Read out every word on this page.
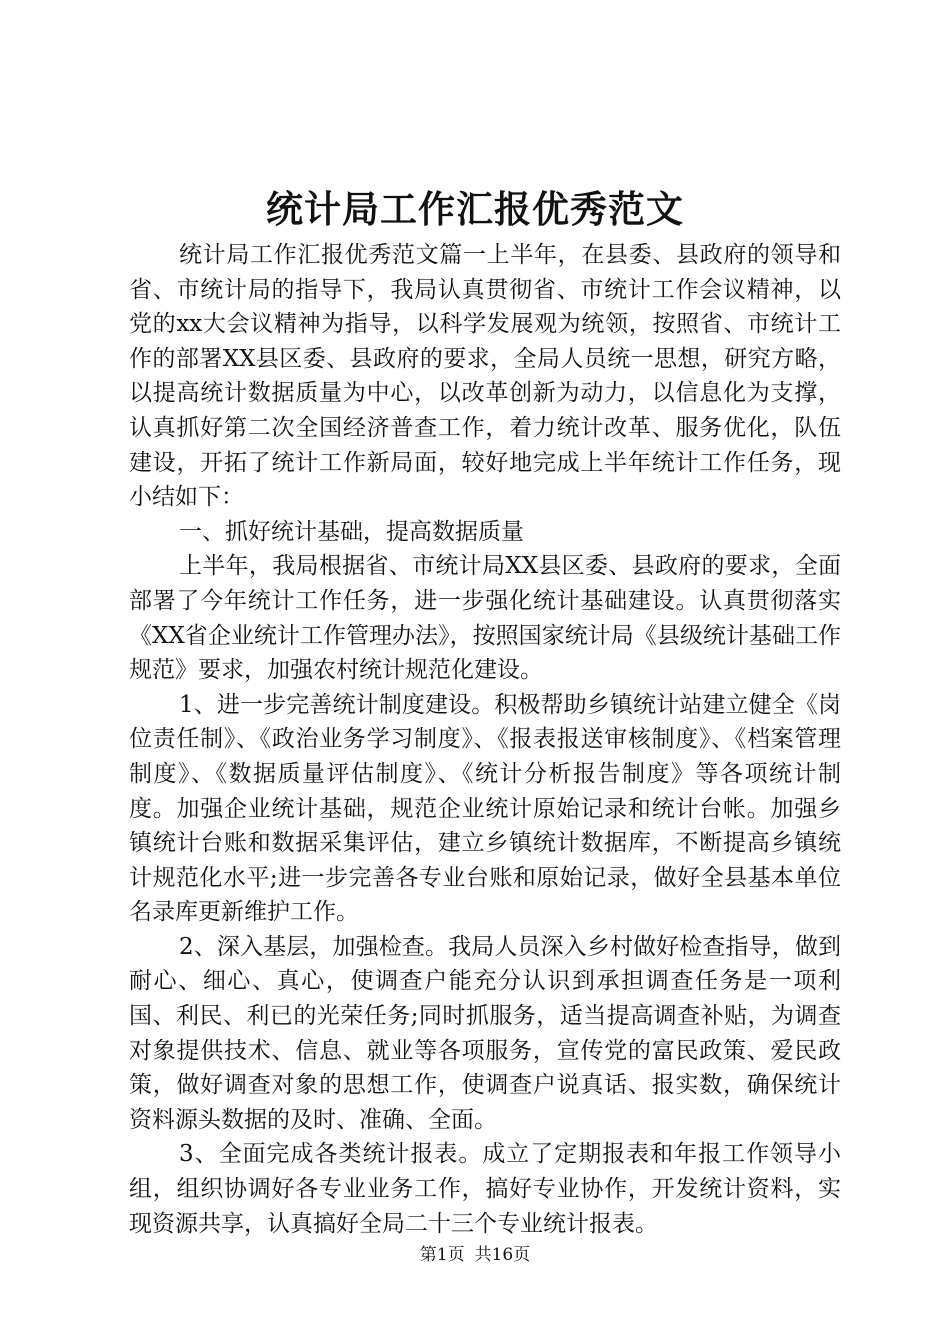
统计局工作汇报优秀范文

统计局工作汇报优秀范文篇一上半年，在县委、县政府的领导和省、市统计局的指导下，我局认真贯彻省、市统计工作会议精神，以党的xx大会议精神为指导，以科学发展观为统领，按照省、市统计工作的部署XX县区委、县政府的要求，全局人员统一思想，研究方略，以提高统计数据质量为中心，以改革创新为动力，以信息化为支撑，认真抓好第二次全国经济普查工作，着力统计改革、服务优化，队伍建设，开拓了统计工作新局面，较好地完成上半年统计工作任务，现小结如下：

一、抓好统计基础，提高数据质量

上半年，我局根据省、市统计局XX县区委、县政府的要求，全面部署了今年统计工作任务，进一步强化统计基础建设。认真贯彻落实《XX省企业统计工作管理办法》，按照国家统计局《县级统计基础工作规范》要求，加强农村统计规范化建设。

1、进一步完善统计制度建设。积极帮助乡镇统计站建立健全《岗位责任制》、《政治业务学习制度》、《报表报送审核制度》、《档案管理制度》、《数据质量评估制度》、《统计分析报告制度》等各项统计制度。加强企业统计基础，规范企业统计原始记录和统计台帐。加强乡镇统计台账和数据采集评估，建立乡镇统计数据库，不断提高乡镇统计规范化水平;进一步完善各专业台账和原始记录，做好全县基本单位名录库更新维护工作。

2、深入基层，加强检查。我局人员深入乡村做好检查指导，做到耐心、细心、真心，使调查户能充分认识到承担调查任务是一项利国、利民、利已的光荣任务;同时抓服务，适当提高调查补贴，为调查对象提供技术、信息、就业等各项服务，宣传党的富民政策、爱民政策，做好调查对象的思想工作，使调查户说真话、报实数，确保统计资料源头数据的及时、准确、全面。

3、全面完成各类统计报表。成立了定期报表和年报工作领导小组，组织协调好各专业业务工作，搞好专业协作，开发统计资料，实现资源共享，认真搞好全局二十三个专业统计报表。

第1页 共16页
